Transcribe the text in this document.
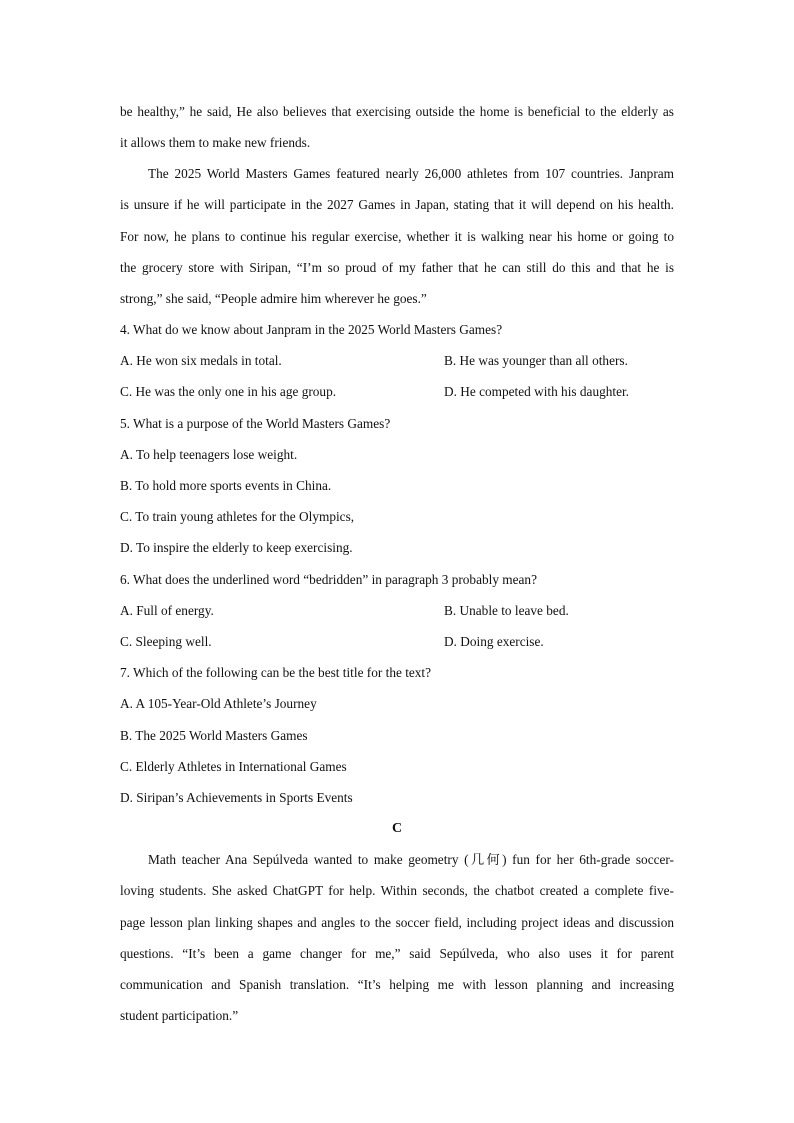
be healthy,” he said, He also believes that exercising outside the home is beneficial to the elderly as
it allows them to make new friends.
The 2025 World Masters Games featured nearly 26,000 athletes from 107 countries. Janpram
is unsure if he will participate in the 2027 Games in Japan, stating that it will depend on his health.
For now, he plans to continue his regular exercise, whether it is walking near his home or going to
the grocery store with Siripan, “I’m so proud of my father that he can still do this and that he is
strong,” she said, “People admire him wherever he goes.”
4. What do we know about Janpram in the 2025 World Masters Games?
A. He won six medals in total.	B. He was younger than all others.
C. He was the only one in his age group.	D. He competed with his daughter.
5. What is a purpose of the World Masters Games?
A. To help teenagers lose weight.
B. To hold more sports events in China.
C. To train young athletes for the Olympics,
D. To inspire the elderly to keep exercising.
6. What does the underlined word “bedridden” in paragraph 3 probably mean?
A. Full of energy.	B. Unable to leave bed.
C. Sleeping well.	D. Doing exercise.
7. Which of the following can be the best title for the text?
A. A 105-Year-Old Athlete’s Journey
B. The 2025 World Masters Games
C. Elderly Athletes in International Games
D. Siripan’s Achievements in Sports Events
C
Math teacher Ana Sepúlveda wanted to make geometry (几何) fun for her 6th-grade soccer-
loving students. She asked ChatGPT for help. Within seconds, the chatbot created a complete five-
page lesson plan linking shapes and angles to the soccer field, including project ideas and discussion
questions. “It’s been a game changer for me,” said Sepúlveda, who also uses it for parent
communication and Spanish translation. “It’s helping me with lesson planning and increasing
student participation.”
